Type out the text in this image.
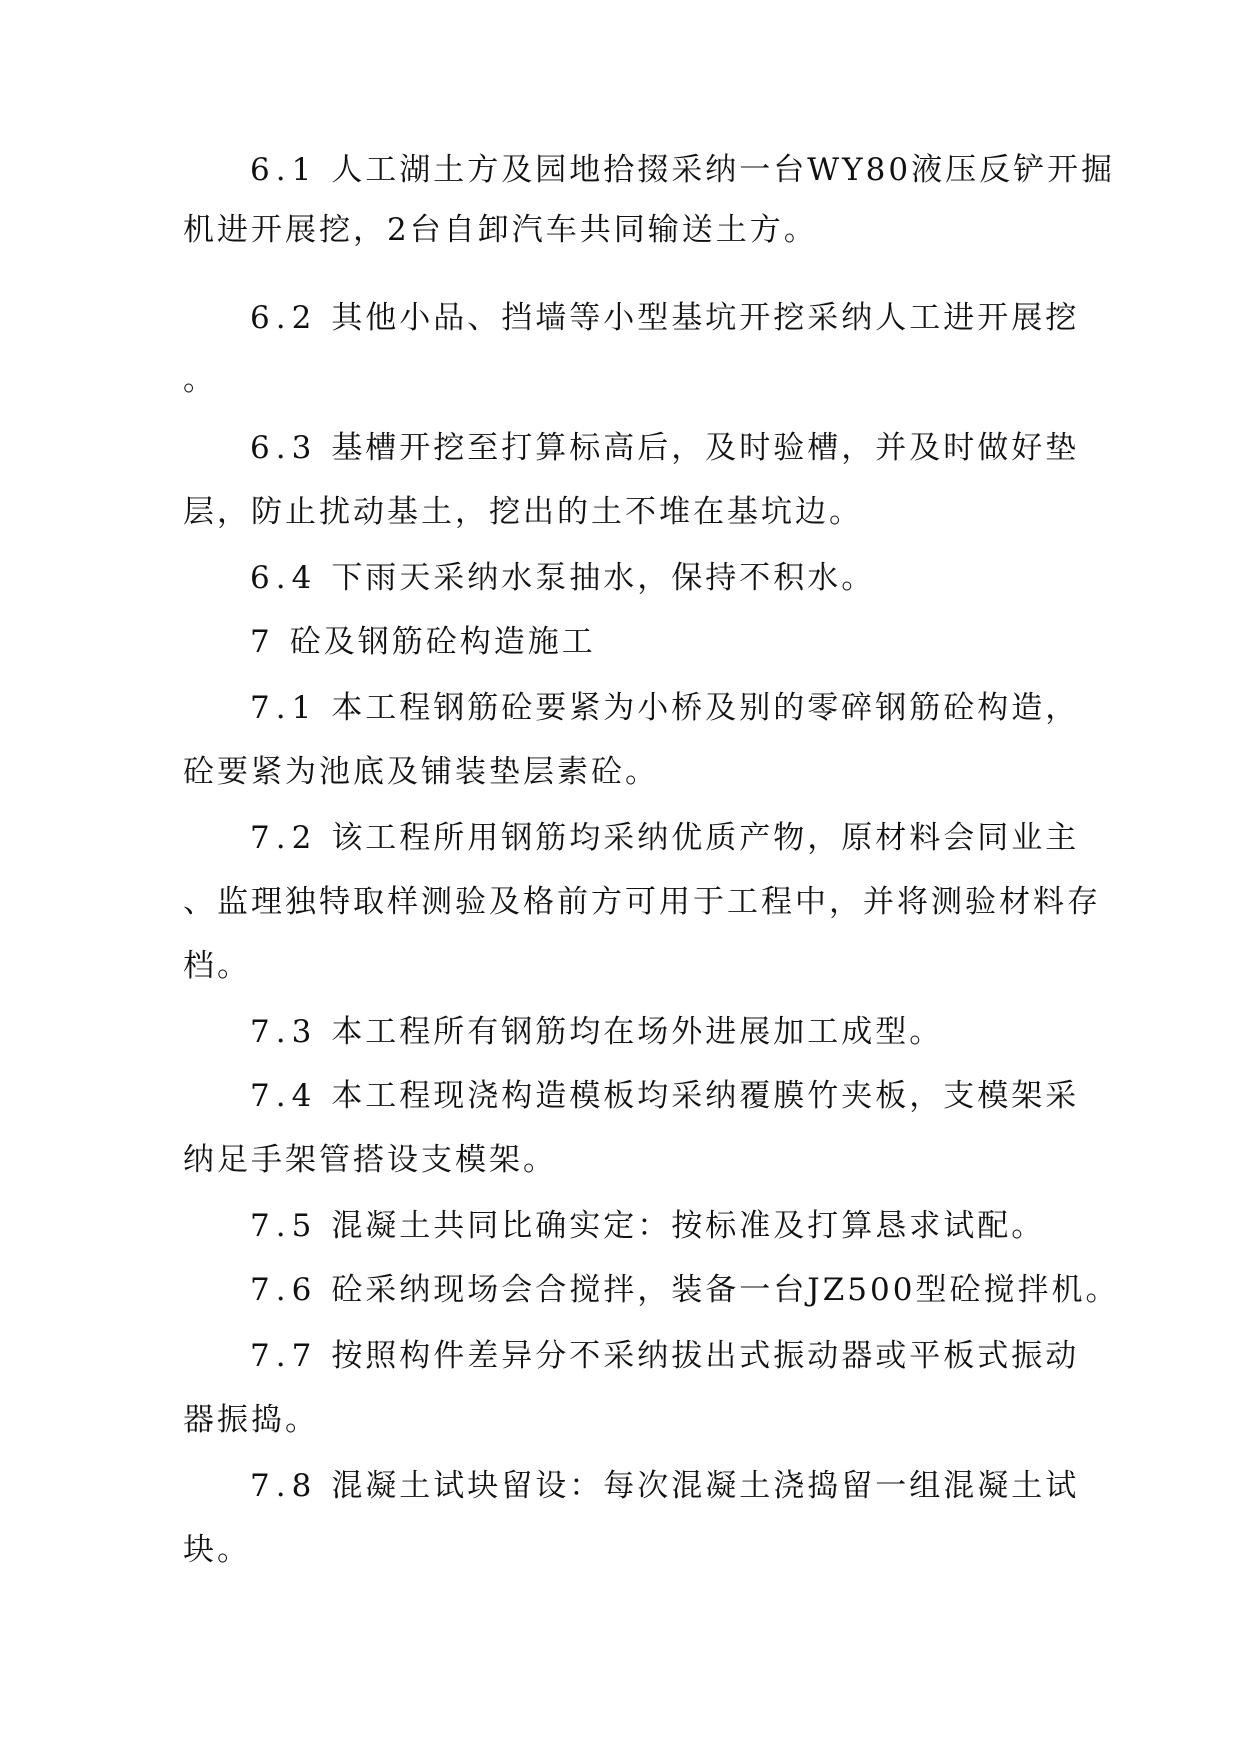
6.1 人工湖土方及园地拾掇采纳一台WY80液压反铲开掘
机进开展挖，2台自卸汽车共同输送土方。
6.2 其他小品、挡墙等小型基坑开挖采纳人工进开展挖
。
6.3 基槽开挖至打算标高后，及时验槽，并及时做好垫
层，防止扰动基土，挖出的土不堆在基坑边。
6.4 下雨天采纳水泵抽水，保持不积水。
7 砼及钢筋砼构造施工
7.1 本工程钢筋砼要紧为小桥及别的零碎钢筋砼构造，
砼要紧为池底及铺装垫层素砼。
7.2 该工程所用钢筋均采纳优质产物，原材料会同业主
、监理独特取样测验及格前方可用于工程中，并将测验材料存
档。
7.3 本工程所有钢筋均在场外进展加工成型。
7.4 本工程现浇构造模板均采纳覆膜竹夹板，支模架采
纳足手架管搭设支模架。
7.5 混凝土共同比确实定：按标准及打算恳求试配。
7.6 砼采纳现场会合搅拌，装备一台JZ500型砼搅拌机。
7.7 按照构件差异分不采纳拔出式振动器或平板式振动
器振捣。
7.8 混凝土试块留设：每次混凝土浇捣留一组混凝土试
块。
